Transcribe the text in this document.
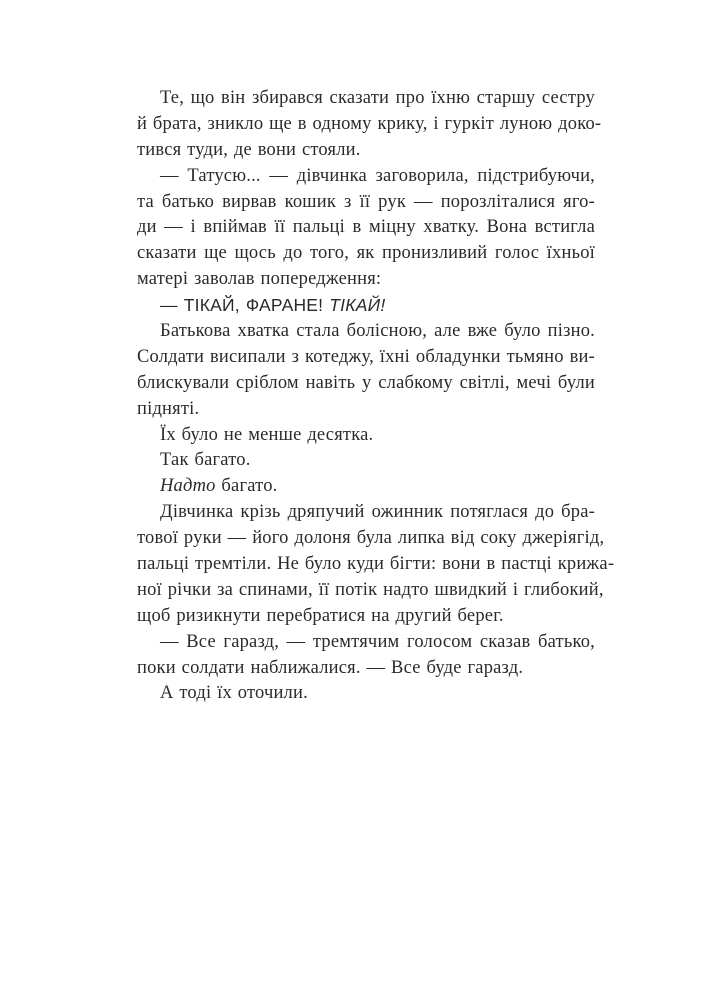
Те, що він збирався сказати про їхню старшу сестру
й брата, зникло ще в одному крику, і гуркіт луною доко-
тився туди, де вони стояли.
— Татусю... — дівчинка заговорила, підстрибуючи,
та батько вирвав кошик з її рук — порозліталися яго-
ди — і впіймав її пальці в міцну хватку. Вона встигла
сказати ще щось до того, як пронизливий голос їхньої
матері заволав попередження:
— ТІКАЙ, ФАРАНЕ! ТІКАЙ!
Батькова хватка стала болісною, але вже було пізно.
Солдати висипали з котеджу, їхні обладунки тьмяно ви-
блискували сріблом навіть у слабкому світлі, мечі були
підняті.
Їх було не менше десятка.
Так багато.
Надто багато.
Дівчинка крізь дряпучий ожинник потяглася до бра-
тової руки — його долоня була липка від соку джеріягід,
пальці тремтіли. Не було куди бігти: вони в пастці крижа-
ної річки за спинами, її потік надто швидкий і глибокий,
щоб ризикнути перебратися на другий берег.
— Все гаразд, — тремтячим голосом сказав батько,
поки солдати наближалися. — Все буде гаразд.
А тоді їх оточили.
